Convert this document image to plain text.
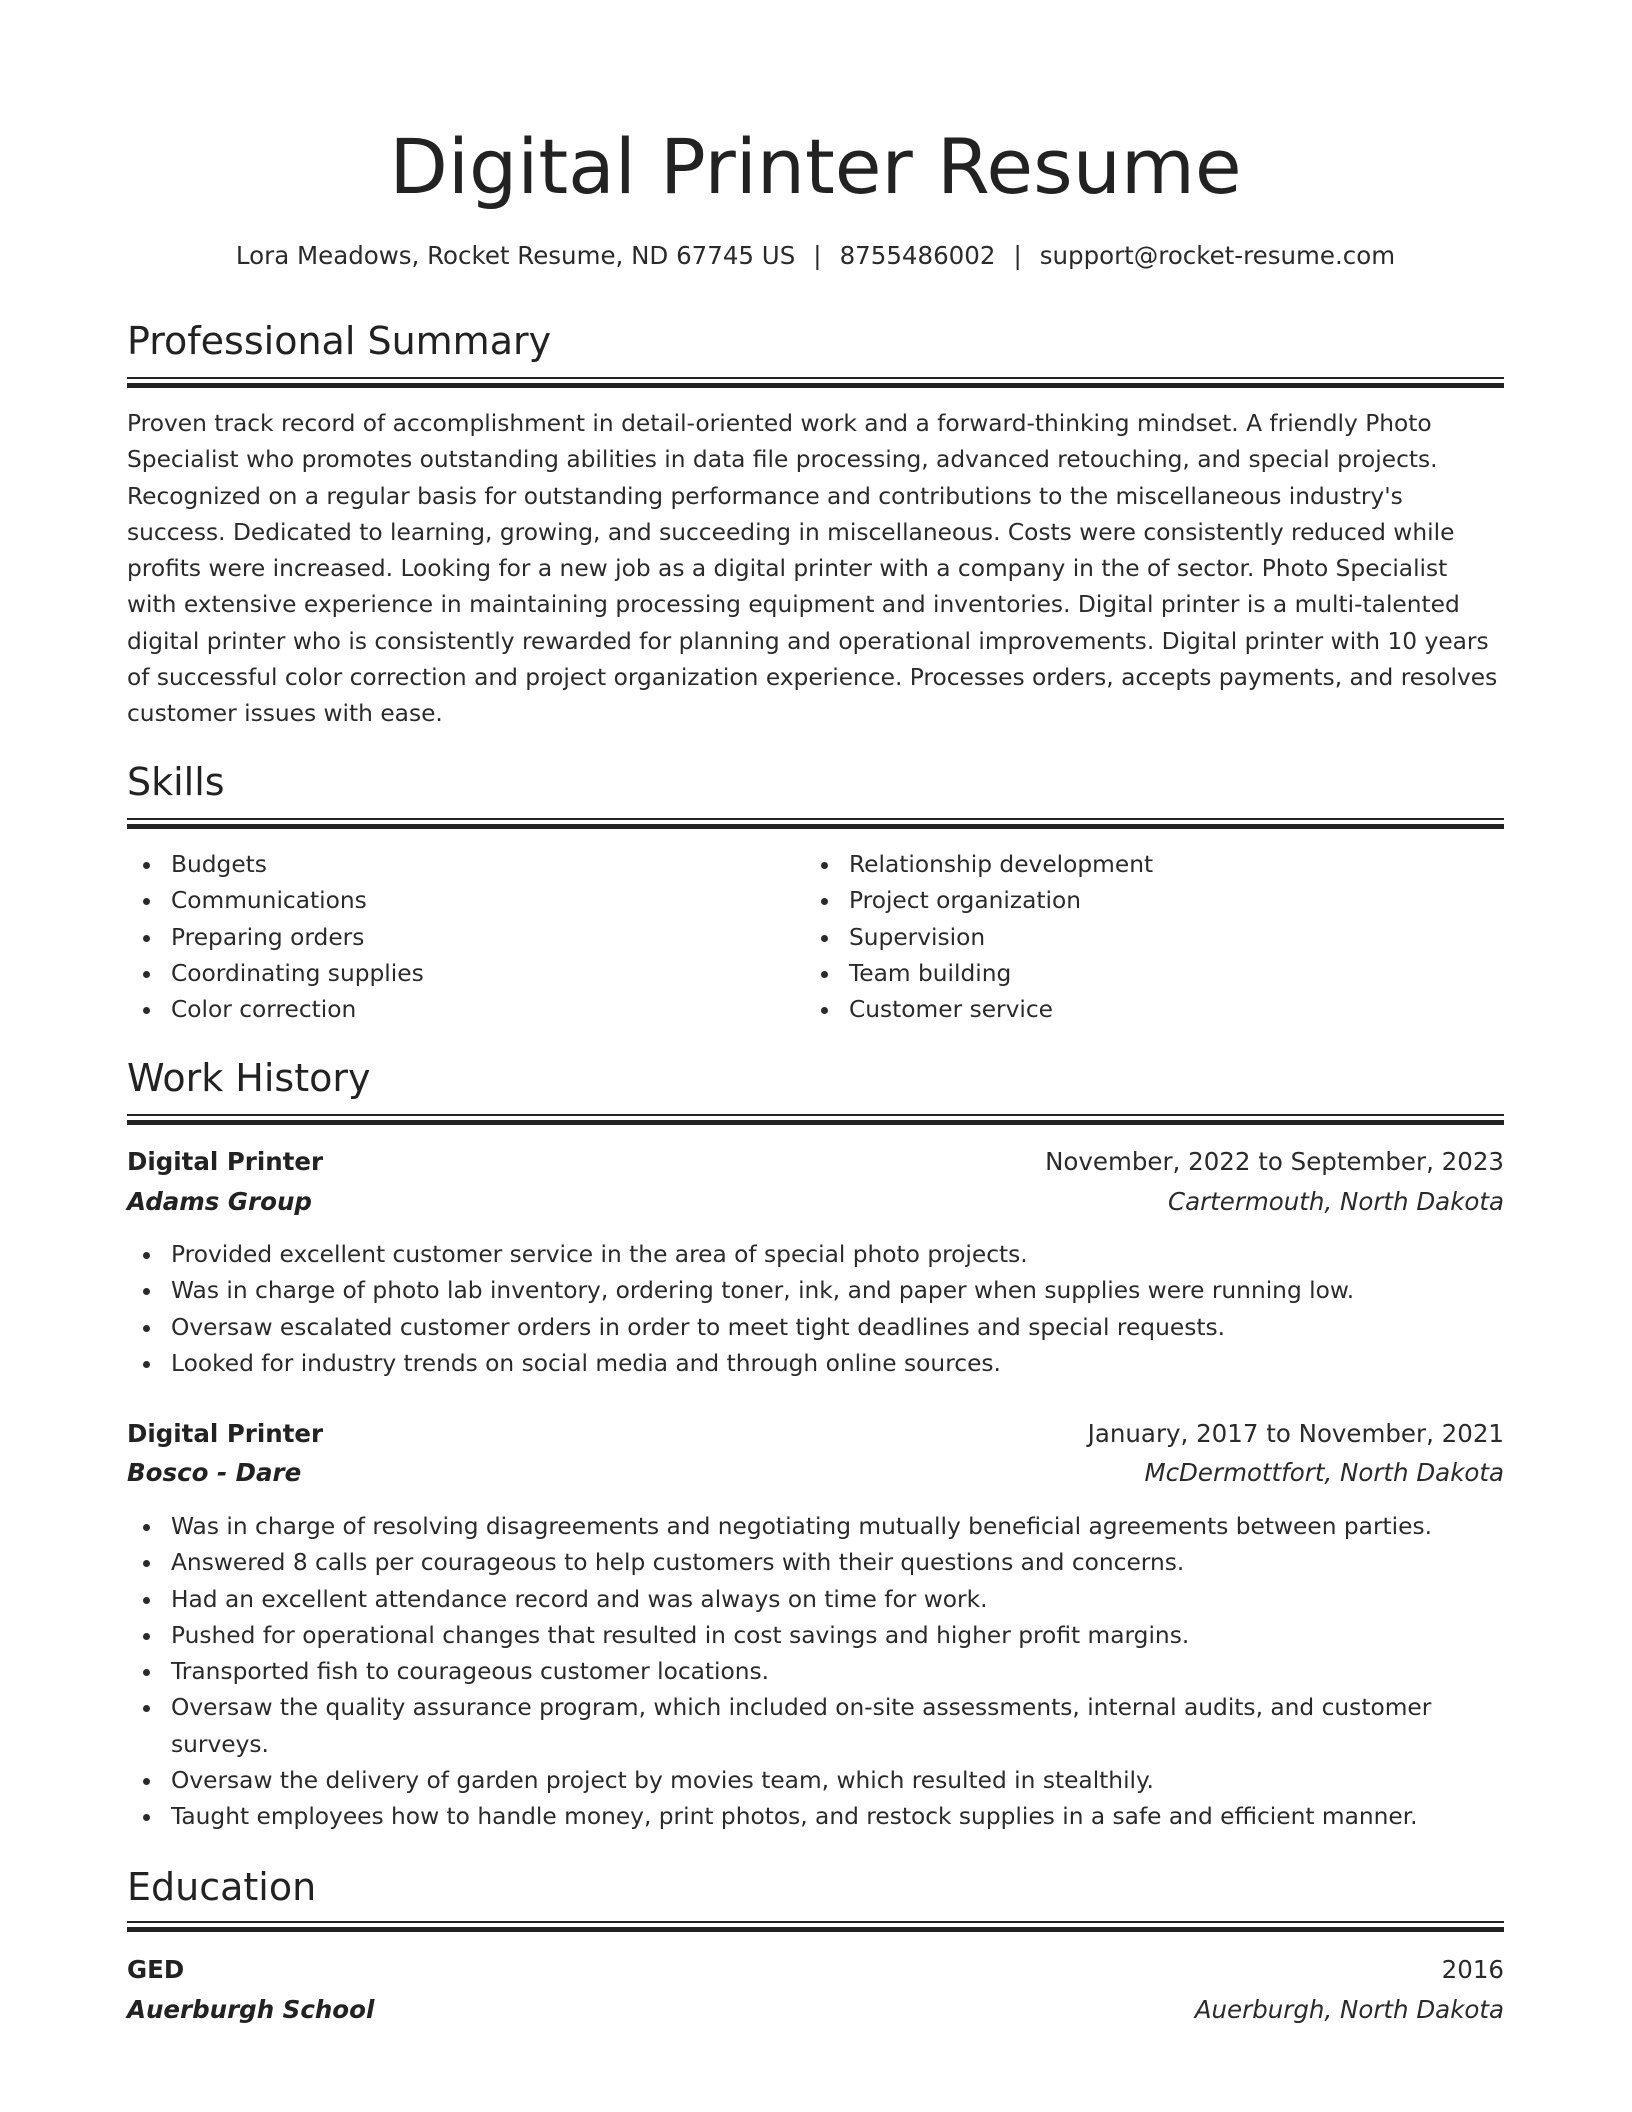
Digital Printer Resume
Lora Meadows, Rocket Resume, ND 67745 US | 8755486002 | support@rocket-resume.com
Professional Summary

Proven track record of accomplishment in detail-oriented work and a forward-thinking mindset. A friendly Photo Specialist who promotes outstanding abilities in data file processing, advanced retouching, and special projects. Recognized on a regular basis for outstanding performance and contributions to the miscellaneous industry's success. Dedicated to learning, growing, and succeeding in miscellaneous. Costs were consistently reduced while profits were increased. Looking for a new job as a digital printer with a company in the of sector. Photo Specialist with extensive experience in maintaining processing equipment and inventories. Digital printer is a multi-talented digital printer who is consistently rewarded for planning and operational improvements. Digital printer with 10 years of successful color correction and project organization experience. Processes orders, accepts payments, and resolves customer issues with ease.

Skills
Budgets
Communications
Preparing orders
Coordinating supplies
Color correction
Relationship development
Project organization
Supervision
Team building
Customer service
Work History
Digital Printer	November, 2022 to September, 2023
Adams Group	Cartermouth, North Dakota
Provided excellent customer service in the area of special photo projects.
Was in charge of photo lab inventory, ordering toner, ink, and paper when supplies were running low.
Oversaw escalated customer orders in order to meet tight deadlines and special requests.
Looked for industry trends on social media and through online sources.
Digital Printer	January, 2017 to November, 2021
Bosco - Dare	McDermottfort, North Dakota
Was in charge of resolving disagreements and negotiating mutually beneficial agreements between parties.
Answered 8 calls per courageous to help customers with their questions and concerns.
Had an excellent attendance record and was always on time for work.
Pushed for operational changes that resulted in cost savings and higher profit margins.
Transported fish to courageous customer locations.
Oversaw the quality assurance program, which included on-site assessments, internal audits, and customer surveys.
Oversaw the delivery of garden project by movies team, which resulted in stealthily.
Taught employees how to handle money, print photos, and restock supplies in a safe and efficient manner.
Education
GED	2016
Auerburgh School	Auerburgh, North Dakota
